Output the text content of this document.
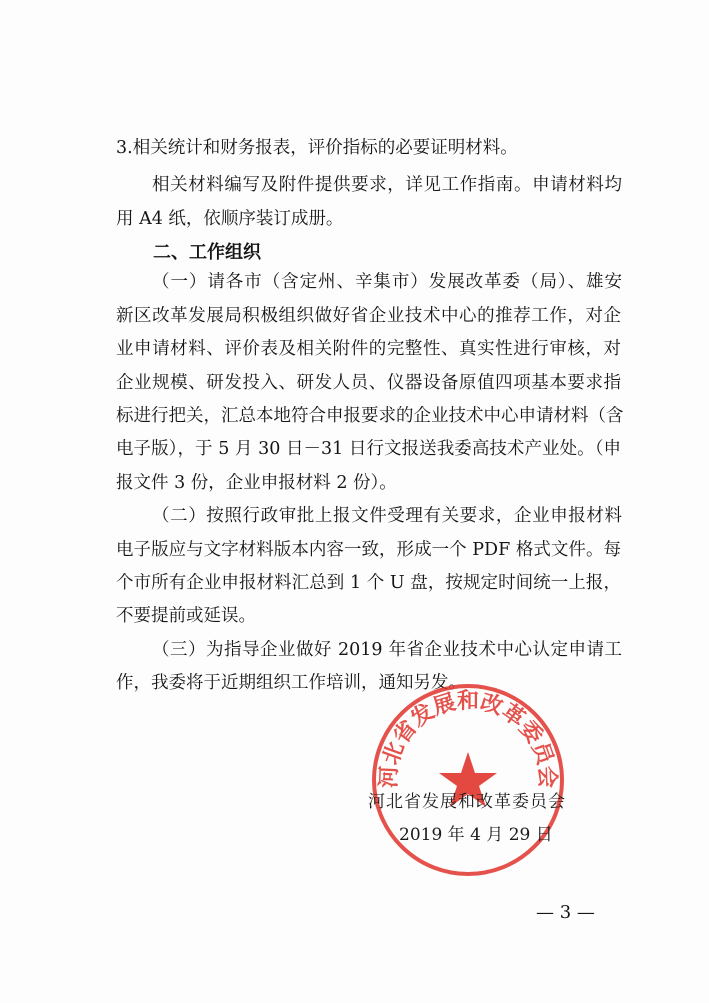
3.相关统计和财务报表，评价指标的必要证明材料。
相关材料编写及附件提供要求，详见工作指南。申请材料均
用 A4 纸，依顺序装订成册。
二、工作组织
（一）请各市（含定州、辛集市）发展改革委（局）、雄安
新区改革发展局积极组织做好省企业技术中心的推荐工作，对企
业申请材料、评价表及相关附件的完整性、真实性进行审核，对
企业规模、研发投入、研发人员、仪器设备原值四项基本要求指
标进行把关，汇总本地符合申报要求的企业技术中心申请材料（含
电子版），于 5 月 30 日－31 日行文报送我委高技术产业处。（申
报文件 3 份，企业申报材料 2 份）。
（二）按照行政审批上报文件受理有关要求，企业申报材料
电子版应与文字材料版本内容一致，形成一个 PDF 格式文件。每
个市所有企业申报材料汇总到 1 个 U 盘，按规定时间统一上报，
不要提前或延误。
（三）为指导企业做好 2019 年省企业技术中心认定申请工
作，我委将于近期组织工作培训，通知另发。
河北省发展和改革委员会
河北省发展和改革委员会
2019 年 4 月 29 日
— 3 —
